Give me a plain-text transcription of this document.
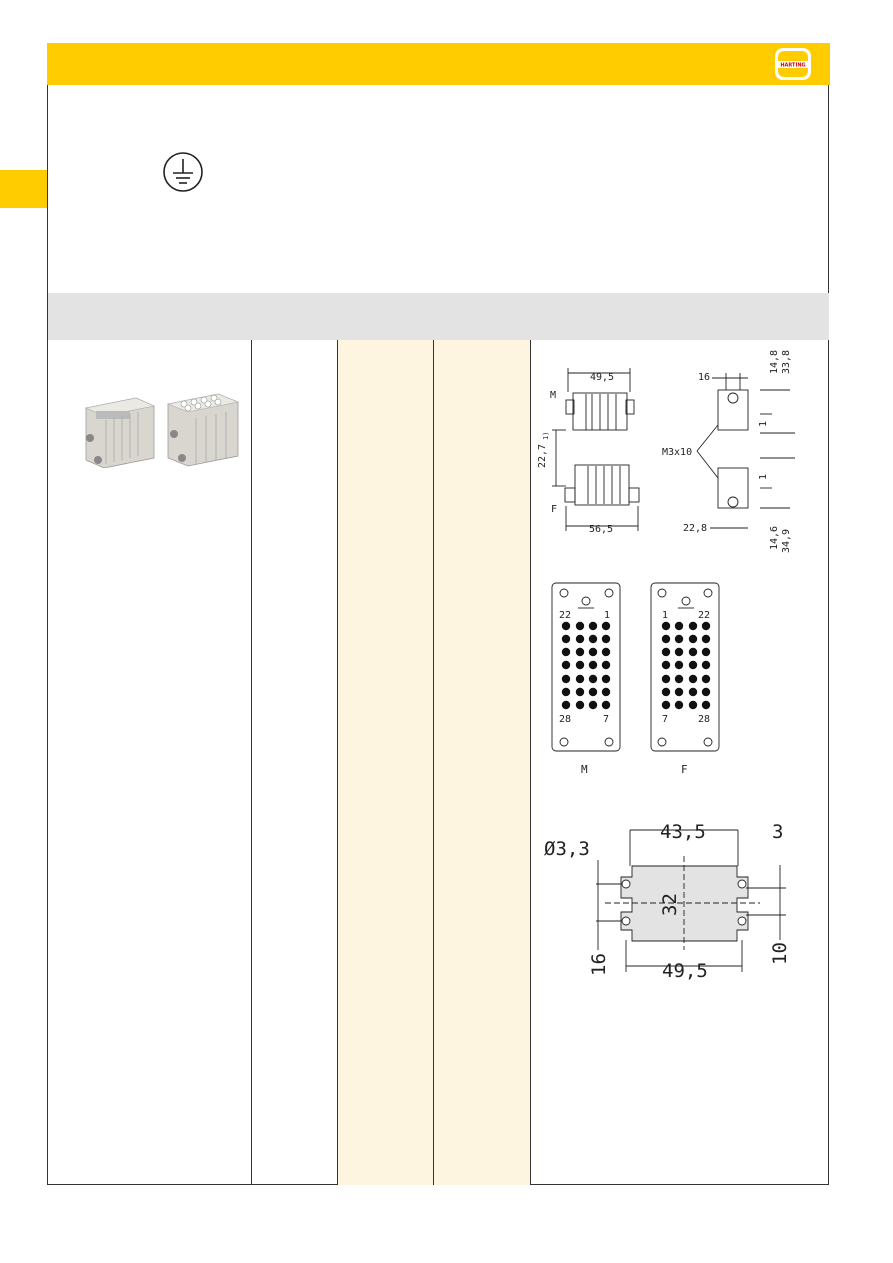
HARTING
49,5
M
F
56,5
22,7
1)
16
22,8
M3x10
14,8 33,8
14,6 34,9
1
1
22	1
28	7
M
1	22
7	28
F
Ø3,3
43,5	3
32
49,5
16	10
